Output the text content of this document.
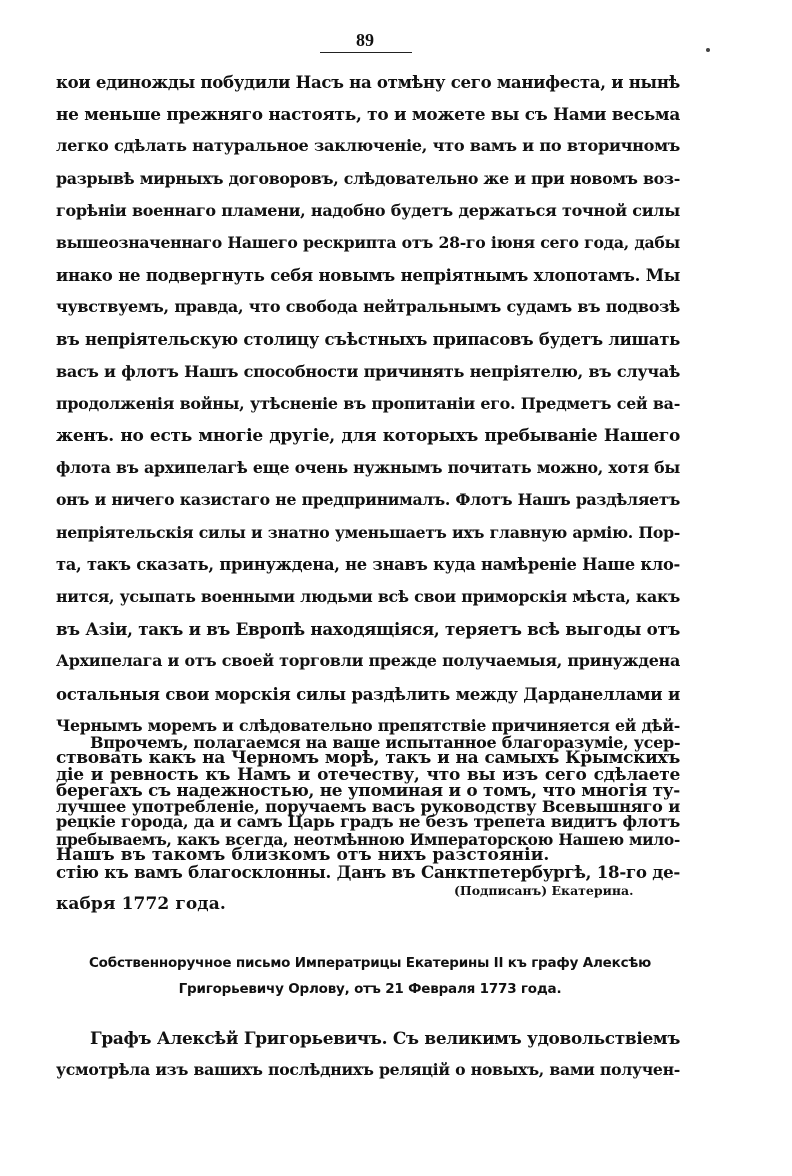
89
кои единожды побудили Насъ на отмѣну сего манифеста, и нынѣ
не меньше прежняго настоять, то и можете вы съ Нами весьма
легко сдѣлать натуральное заключеніе, что вамъ и по вторичномъ
разрывѣ мирныхъ договоровъ, слѣдовательно же и при новомъ воз-
горѣніи военнаго пламени, надобно будетъ держаться точной силы
вышеозначеннаго Нашего рескрипта отъ 28-го іюня сего года, дабы
инако не подвергнуть себя новымъ непріятнымъ хлопотамъ. Мы
чувствуемъ, правда, что свобода нейтральнымъ судамъ въ подвозѣ
въ непріятельскую столицу съѣстныхъ припасовъ будетъ лишать
васъ и флотъ Нашъ способности причинять непріятелю, въ случаѣ
продолженія войны, утѣсненіе въ пропитаніи его. Предметъ сей ва-
женъ. но есть многіе другіе, для которыхъ пребываніе Нашего
флота въ архипелагѣ еще очень нужнымъ почитать можно, хотя бы
онъ и ничего казистаго не предпринималъ. Флотъ Нашъ раздѣляетъ
непріятельскія силы и знатно уменьшаетъ ихъ главную армію. Пор-
та, такъ сказать, принуждена, не знавъ куда намѣреніе Наше кло-
нится, усыпать военными людьми всѣ свои приморскія мѣста, какъ
въ Азіи, такъ и въ Европѣ находящіяся, теряетъ всѣ выгоды отъ
Архипелага и отъ своей торговли прежде получаемыя, принуждена
остальныя свои морскія силы раздѣлить между Дарданеллами и
Чернымъ моремъ и слѣдовательно препятствіе причиняется ей дѣй-
ствовать какъ на Черномъ морѣ, такъ и на самыхъ Крымскихъ
берегахъ съ надежностью, не упоминая и о томъ, что многія ту-
рецкіе города, да и самъ Царь градъ не безъ трепета видитъ флотъ
Нашъ въ такомъ близкомъ отъ нихъ разстояніи.
Впрочемъ, полагаемся на ваше испытанное благоразуміе, усер-
діе и ревность къ Намъ и отечеству, что вы изъ сего сдѣлаете
лучшее употребленіе, поручаемъ васъ руководству Всевышняго и
пребываемъ, какъ всегда, неотмѣнною Императорскою Нашею мило-
стію къ вамъ благосклонны. Данъ въ Санктпетербургѣ, 18-го де-
кабря 1772 года.
(Подписанъ) Екатерина.
Собственноручное письмо Императрицы Екатерины II къ графу Алексѣю
Григорьевичу Орлову, отъ 21 Февраля 1773 года.
Графъ Алексѣй Григорьевичъ. Съ великимъ удовольствіемъ
усмотрѣла изъ вашихъ послѣднихъ реляцій о новыхъ, вами получен-
